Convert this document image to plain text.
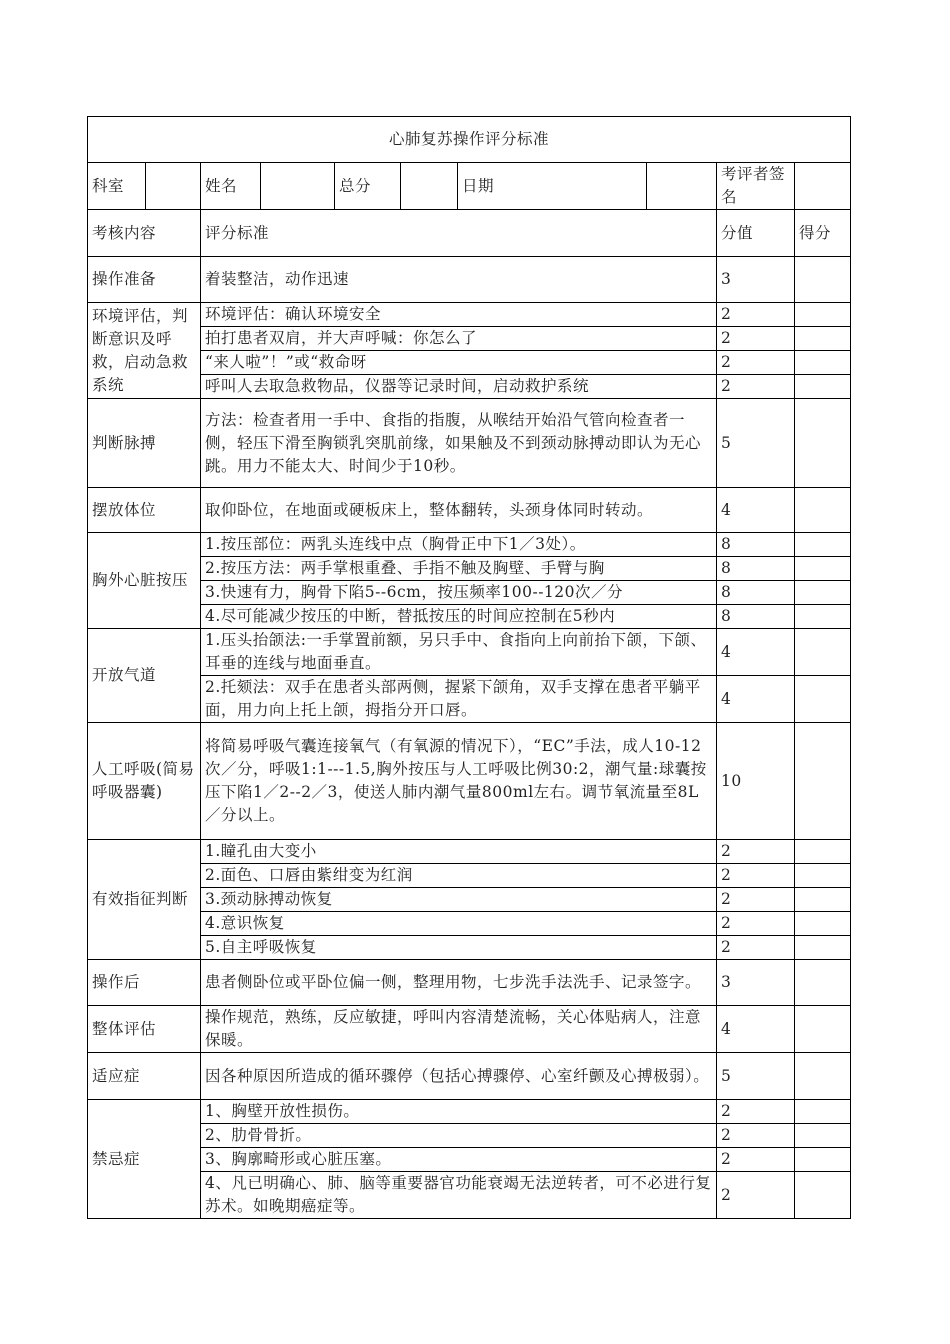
心肺复苏操作评分标准									
科室		姓名		总分		日期		考评者签名	
考核内容		评分标准						分值	得分
操作准备		着装整洁，动作迅速						3	
环境评估，判断意识及呼救，启动急救系统		环境评估：确认环境安全						2	
		拍打患者双肩，并大声呼喊：你怎么了						2	
		“来人啦”！”或“救命呀						2	
		呼叫人去取急救物品，仪器等记录时间，启动救护系统						2	
判断脉搏		方法：检查者用一手中、食指的指腹，从喉结开始沿气管向检查者一侧，轻压下滑至胸锁乳突肌前缘，如果触及不到颈动脉搏动即认为无心跳。用力不能太大、时间少于10秒。						5	
摆放体位		取仰卧位，在地面或硬板床上，整体翻转，头颈身体同时转动。						4	
胸外心脏按压		1.按压部位：两乳头连线中点（胸骨正中下1／3处）。						8	
		2.按压方法：两手掌根重叠、手指不触及胸壁、手臂与胸						8	
		3.快速有力，胸骨下陷5--6cm，按压频率100--120次／分						8	
		4.尽可能减少按压的中断，替抵按压的时间应控制在5秒内						8	
开放气道		1.压头抬颌法:一手掌置前额，另只手中、食指向上向前抬下颌，下颌、耳垂的连线与地面垂直。						4	
		2.托颏法：双手在患者头部两侧，握紧下颌角，双手支撑在患者平躺平面，用力向上托上颌，拇指分开口唇。						4	
人工呼吸(简易呼吸器囊)		将简易呼吸气囊连接氧气（有氧源的情况下），“EC”手法，成人10-12次／分，呼吸1:1---1.5,胸外按压与人工呼吸比例30:2，潮气量:球囊按压下陷1／2--2／3，使送人肺内潮气量800ml左右。调节氧流量至8L／分以上。						10	
有效指征判断		1.瞳孔由大变小						2	
		2.面色、口唇由紫绀变为红润						2	
		3.颈动脉搏动恢复						2	
		4.意识恢复						2	
		5.自主呼吸恢复						2	
操作后		患者侧卧位或平卧位偏一侧，整理用物，七步洗手法洗手、记录签字。						3	
整体评估		操作规范，熟练，反应敏捷，呼叫内容清楚流畅，关心体贴病人，注意保暖。						4	
适应症		因各种原因所造成的循环骤停（包括心搏骤停、心室纤颤及心搏极弱）。						5	
禁忌症		1、胸壁开放性损伤。						2	
		2、肋骨骨折。						2	
		3、胸廓畸形或心脏压塞。						2	
		4、凡已明确心、肺、脑等重要器官功能衰竭无法逆转者，可不必进行复苏术。如晚期癌症等。						2	
